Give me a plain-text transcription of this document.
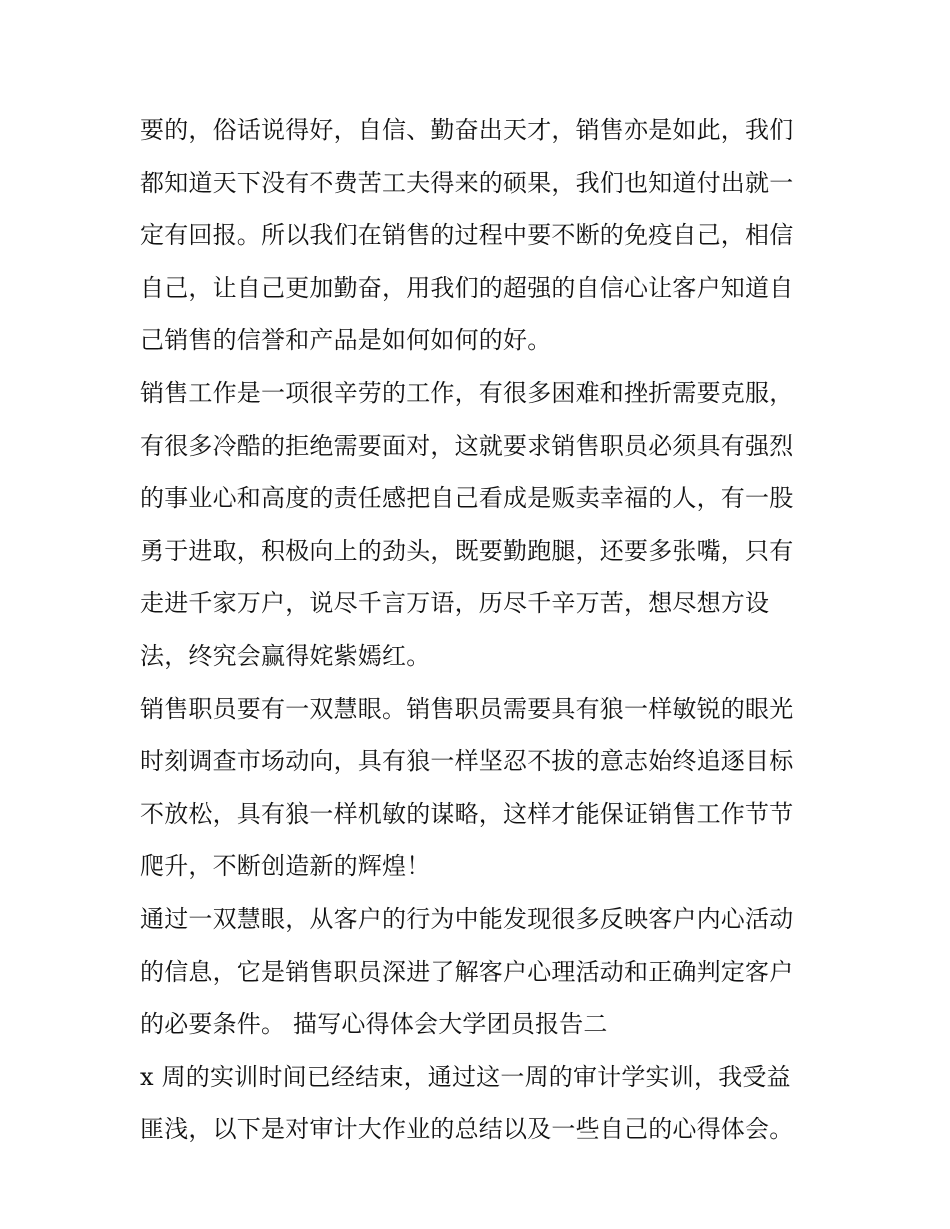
要的，俗话说得好，自信、勤奋出天才，销售亦是如此，我们
都知道天下没有不费苦工夫得来的硕果，我们也知道付出就一
定有回报。所以我们在销售的过程中要不断的免疫自己，相信
自己，让自己更加勤奋，用我们的超强的自信心让客户知道自
己销售的信誉和产品是如何如何的好。
销售工作是一项很辛劳的工作，有很多困难和挫折需要克服，
有很多冷酷的拒绝需要面对，这就要求销售职员必须具有强烈
的事业心和高度的责任感把自己看成是贩卖幸福的人，有一股
勇于进取，积极向上的劲头，既要勤跑腿，还要多张嘴，只有
走进千家万户，说尽千言万语，历尽千辛万苦，想尽想方设
法，终究会赢得姹紫嫣红。
销售职员要有一双慧眼。销售职员需要具有狼一样敏锐的眼光
时刻调查市场动向，具有狼一样坚忍不拔的意志始终追逐目标
不放松，具有狼一样机敏的谋略，这样才能保证销售工作节节
爬升，不断创造新的辉煌！
通过一双慧眼，从客户的行为中能发现很多反映客户内心活动
的信息，它是销售职员深进了解客户心理活动和正确判定客户
的必要条件。 描写心得体会大学团员报告二
x 周的实训时间已经结束，通过这一周的审计学实训，我受益
匪浅，以下是对审计大作业的总结以及一些自己的心得体会。
